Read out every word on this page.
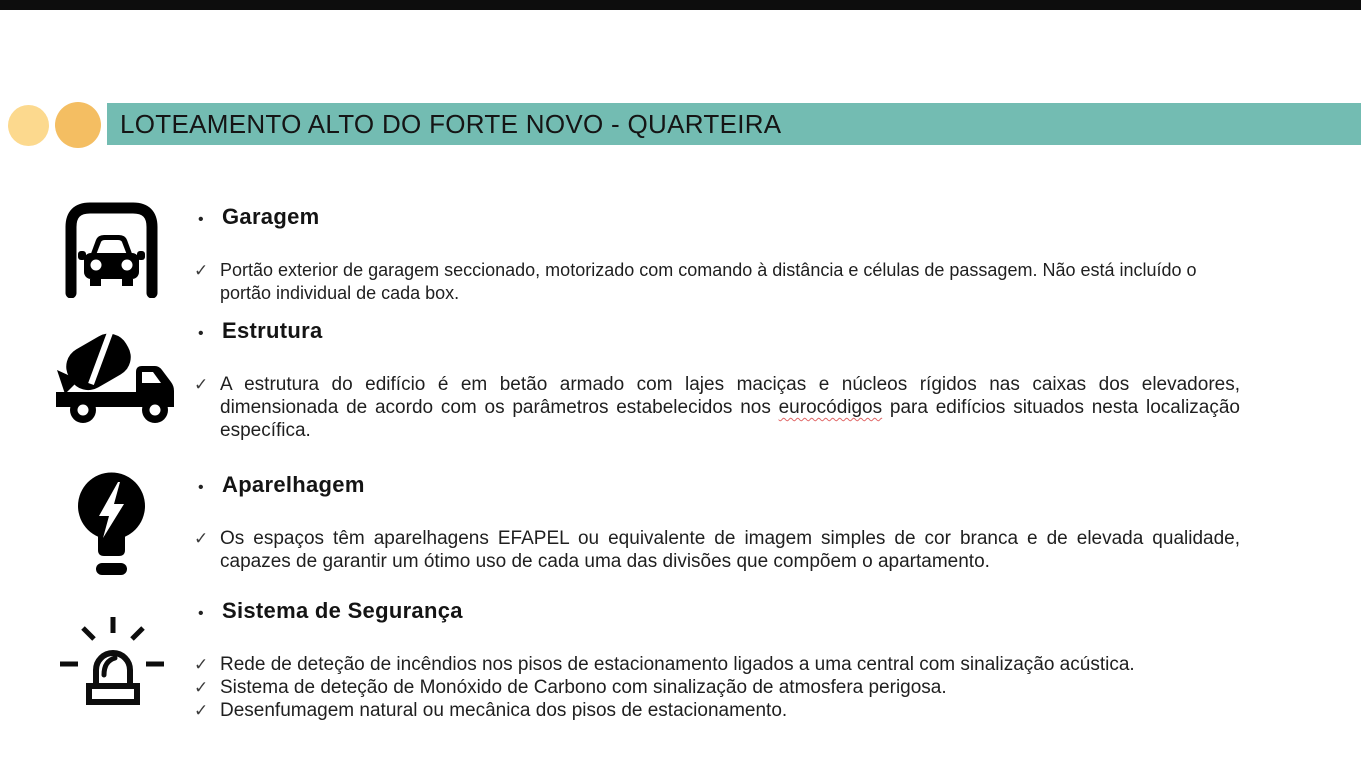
LOTEAMENTO ALTO DO FORTE NOVO - QUARTEIRA
• Garagem
✓ Portão exterior de garagem seccionado, motorizado com comando à distância e células de passagem. Não está incluído o portão individual de cada box.

• Estrutura
✓ A estrutura do edifício é em betão armado com lajes maciças e núcleos rígidos nas caixas dos elevadores, dimensionada de acordo com os parâmetros estabelecidos nos eurocódigos para edifícios situados nesta localização específica.

• Aparelhagem
✓ Os espaços têm aparelhagens EFAPEL ou equivalente de imagem simples de cor branca e de elevada qualidade, capazes de garantir um ótimo uso de cada uma das divisões que compõem o apartamento.

• Sistema de Segurança
✓ Rede de deteção de incêndios nos pisos de estacionamento ligados a uma central com sinalização acústica.

✓ Sistema de deteção de Monóxido de Carbono com sinalização de atmosfera perigosa.

✓ Desenfumagem natural ou mecânica dos pisos de estacionamento.
